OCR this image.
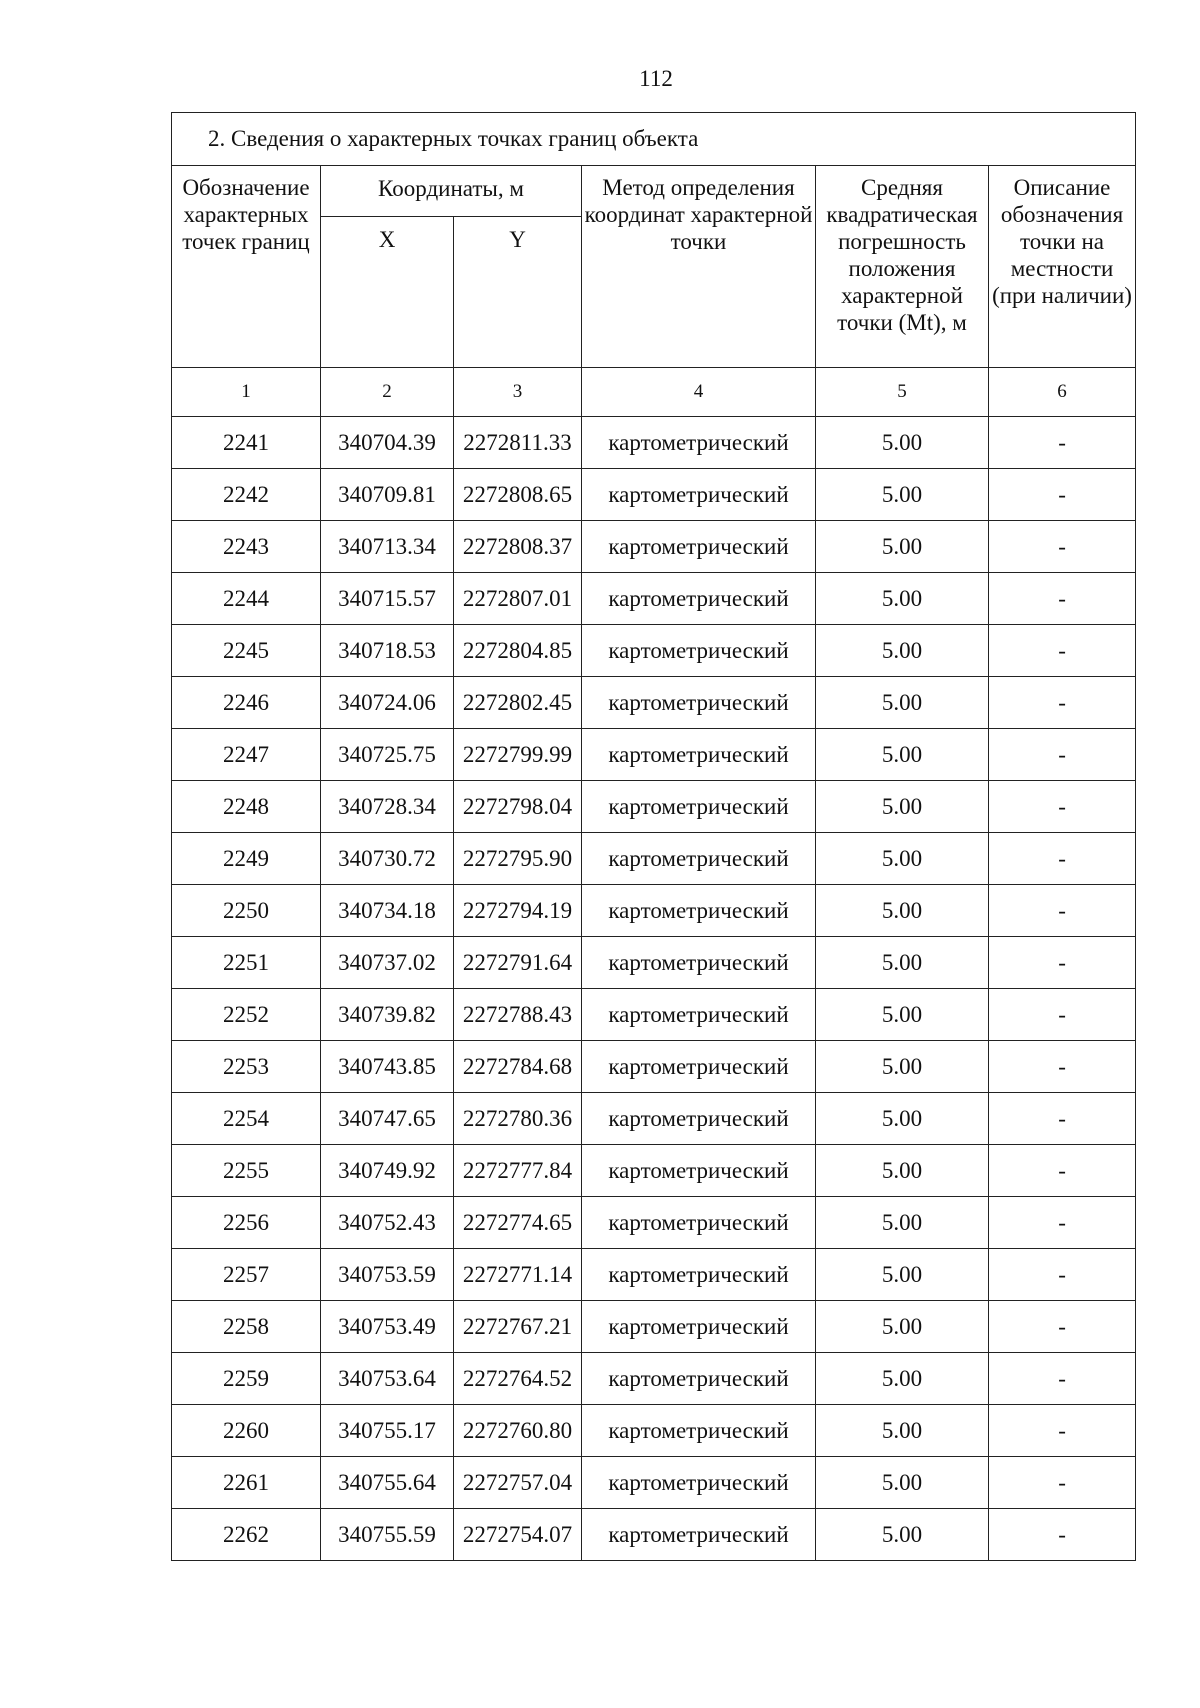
112
2. Сведения о характерных точках границ объекта					
Обозначение характерных точек границ	Координаты, м		Метод определения координат характерной точки	Средняя квадратическая погрешность положения характерной точки (Mt), м	Описание обозначения точки на местности (при наличии)
	X	Y			
1	2	3	4	5	6
2241	340704.39	2272811.33	картометрический	5.00	-
2242	340709.81	2272808.65	картометрический	5.00	-
2243	340713.34	2272808.37	картометрический	5.00	-
2244	340715.57	2272807.01	картометрический	5.00	-
2245	340718.53	2272804.85	картометрический	5.00	-
2246	340724.06	2272802.45	картометрический	5.00	-
2247	340725.75	2272799.99	картометрический	5.00	-
2248	340728.34	2272798.04	картометрический	5.00	-
2249	340730.72	2272795.90	картометрический	5.00	-
2250	340734.18	2272794.19	картометрический	5.00	-
2251	340737.02	2272791.64	картометрический	5.00	-
2252	340739.82	2272788.43	картометрический	5.00	-
2253	340743.85	2272784.68	картометрический	5.00	-
2254	340747.65	2272780.36	картометрический	5.00	-
2255	340749.92	2272777.84	картометрический	5.00	-
2256	340752.43	2272774.65	картометрический	5.00	-
2257	340753.59	2272771.14	картометрический	5.00	-
2258	340753.49	2272767.21	картометрический	5.00	-
2259	340753.64	2272764.52	картометрический	5.00	-
2260	340755.17	2272760.80	картометрический	5.00	-
2261	340755.64	2272757.04	картометрический	5.00	-
2262	340755.59	2272754.07	картометрический	5.00	-
